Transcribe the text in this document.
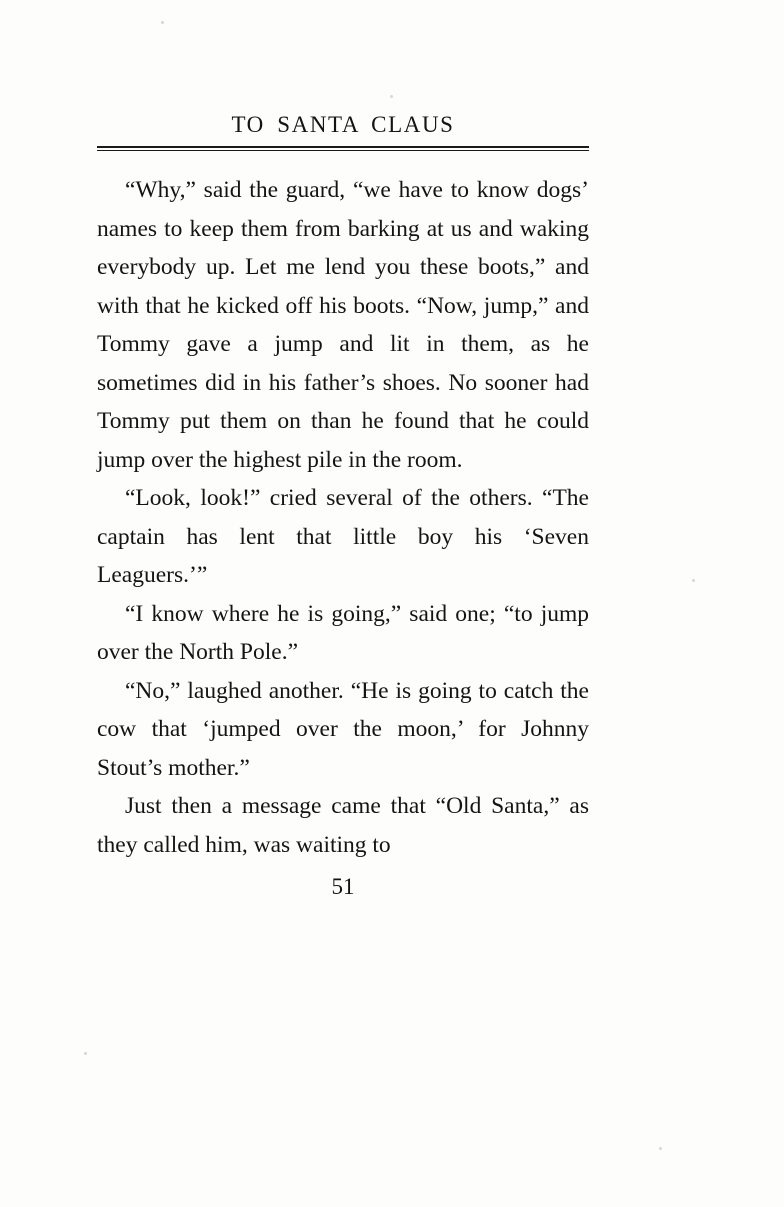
TO SANTA CLAUS

“Why,” said the guard, “we have to know dogs’ names to keep them from barking at us and waking everybody up. Let me lend you these boots,” and with that he kicked off his boots. “Now, jump,” and Tommy gave a jump and lit in them, as he sometimes did in his father’s shoes. No sooner had Tommy put them on than he found that he could jump over the highest pile in the room.

“Look, look!” cried several of the others. “The captain has lent that little boy his ‘Seven Leaguers.’”

“I know where he is going,” said one; “to jump over the North Pole.”

“No,” laughed another. “He is going to catch the cow that ‘jumped over the moon,’ for Johnny Stout’s mother.”

Just then a message came that “Old Santa,” as they called him, was waiting to

51
